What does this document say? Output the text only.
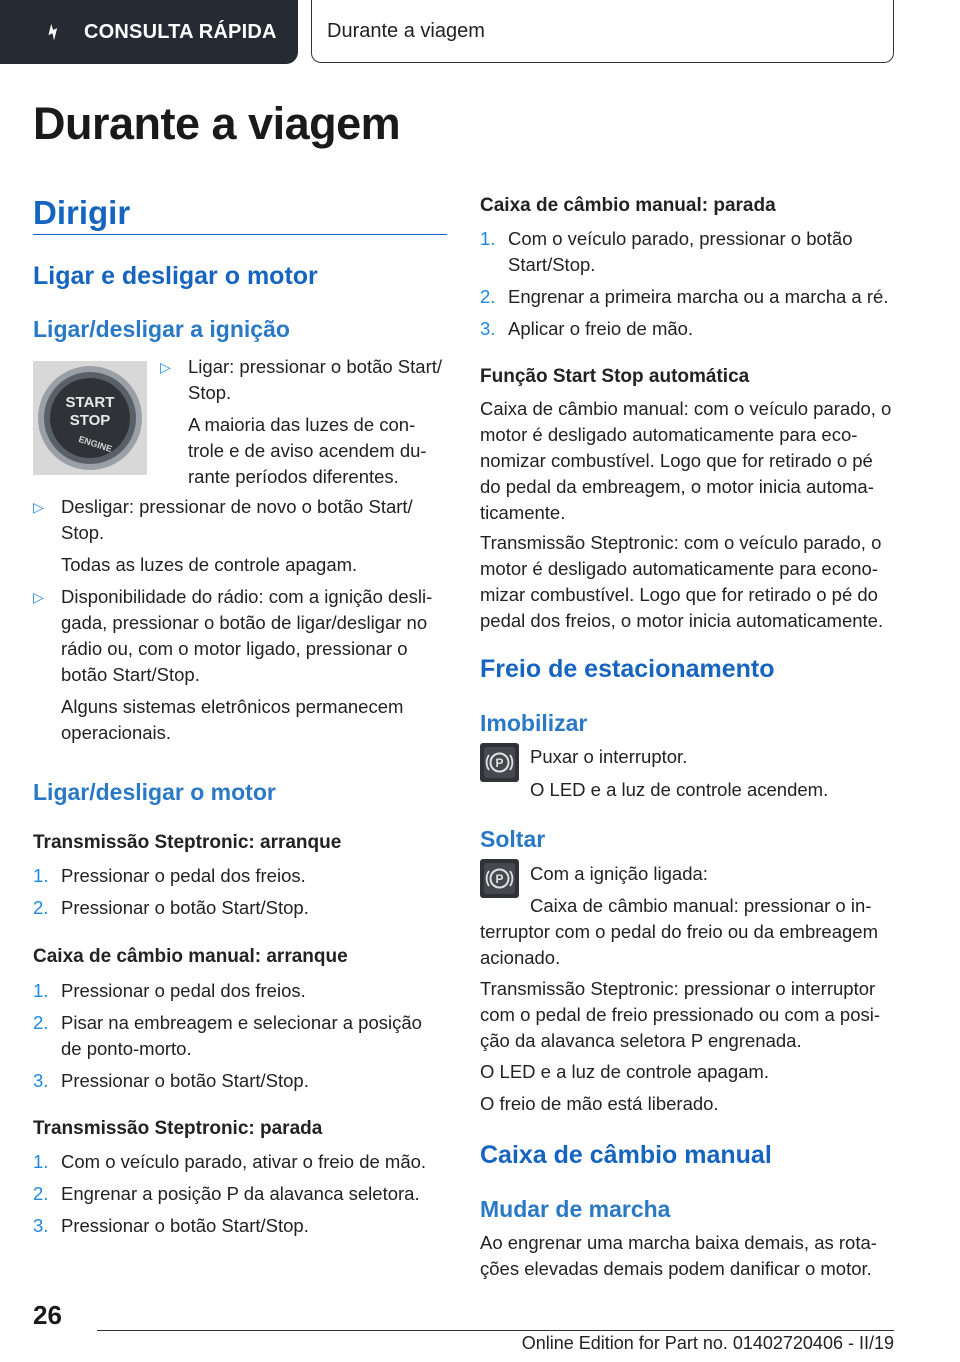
CONSULTA RÁPIDA	Durante a viagem
Durante a viagem
Dirigir
Ligar e desligar o motor
Ligar/desligar a ignição
START
STOP
ENGINE
▷ Ligar: pressionar o botão Start/ Stop.
A maioria das luzes de con- trole e de aviso acendem du- rante períodos diferentes.
▷ Desligar: pressionar de novo o botão Start/ Stop.
Todas as luzes de controle apagam.
▷ Disponibilidade do rádio: com a ignição desli- gada, pressionar o botão de ligar/desligar no rádio ou, com o motor ligado, pressionar o botão Start/Stop.
Alguns sistemas eletrônicos permanecem operacionais.
Ligar/desligar o motor
Transmissão Steptronic: arranque
1. Pressionar o pedal dos freios.
2. Pressionar o botão Start/Stop.
Caixa de câmbio manual: arranque
1. Pressionar o pedal dos freios.
2. Pisar na embreagem e selecionar a posição de ponto-morto.
3. Pressionar o botão Start/Stop.
Transmissão Steptronic: parada
1. Com o veículo parado, ativar o freio de mão.
2. Engrenar a posição P da alavanca seletora.
3. Pressionar o botão Start/Stop.
Caixa de câmbio manual: parada
1. Com o veículo parado, pressionar o botão Start/Stop.
2. Engrenar a primeira marcha ou a marcha a ré.
3. Aplicar o freio de mão.
Função Start Stop automática
Caixa de câmbio manual: com o veículo parado, o motor é desligado automaticamente para eco- nomizar combustível. Logo que for retirado o pé do pedal da embreagem, o motor inicia automa- ticamente.
Transmissão Steptronic: com o veículo parado, o motor é desligado automaticamente para econo- mizar combustível. Logo que for retirado o pé do pedal dos freios, o motor inicia automaticamente.
Freio de estacionamento
Imobilizar
P Puxar o interruptor.
O LED e a luz de controle acendem.
Soltar
P Com a ignição ligada:
Caixa de câmbio manual: pressionar o in- terruptor com o pedal do freio ou da embreagem acionado.
Transmissão Steptronic: pressionar o interruptor com o pedal de freio pressionado ou com a posi- ção da alavanca seletora P engrenada.
O LED e a luz de controle apagam.
O freio de mão está liberado.
Caixa de câmbio manual
Mudar de marcha
Ao engrenar uma marcha baixa demais, as rota- ções elevadas demais podem danificar o motor.
26
Online Edition for Part no. 01402720406 - II/19
